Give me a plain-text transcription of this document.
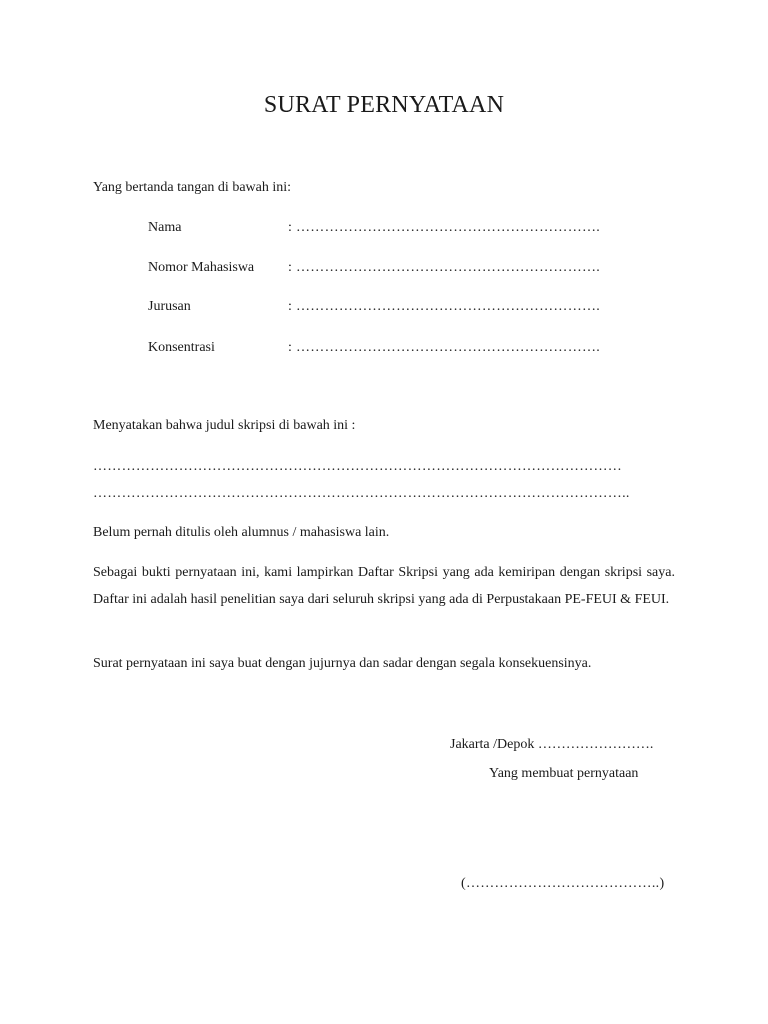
SURAT PERNYATAAN
Yang bertanda tangan di bawah ini:
Nama	: ……………………………………………………….
Nomor Mahasiswa : ……………………………………………………….
Jurusan	: ……………………………………………………….
Konsentrasi	: ……………………………………………………….
Menyatakan bahwa judul skripsi di bawah ini :
…………………………………………………………………………………………………
…………………………………………………………………………………………………..
Belum pernah ditulis oleh alumnus / mahasiswa lain.
Sebagai bukti pernyataan ini, kami lampirkan Daftar Skripsi yang ada kemiripan dengan skripsi saya. Daftar ini adalah hasil penelitian saya dari seluruh skripsi yang ada di Perpustakaan PE-FEUI & FEUI.
Surat pernyataan ini saya buat dengan jujurnya dan sadar dengan segala konsekuensinya.
Jakarta /Depok …………………….
Yang membuat pernyataan
(…………………………………..)
